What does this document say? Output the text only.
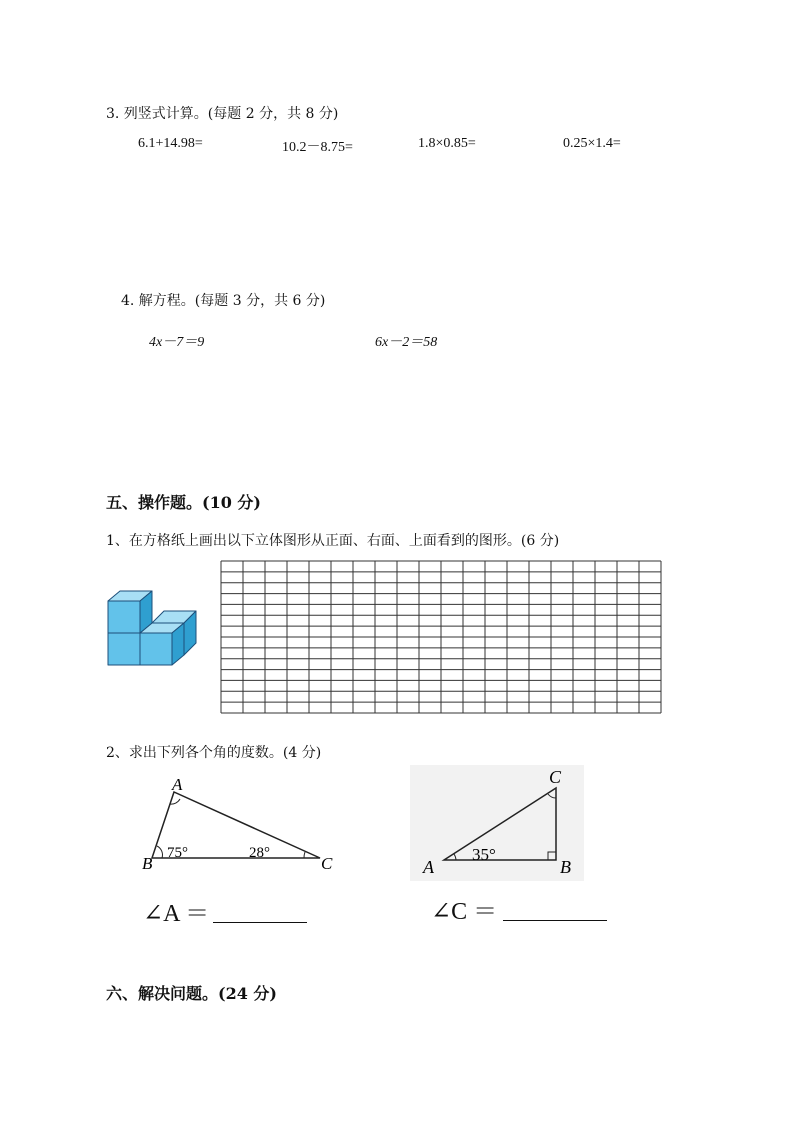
3. 列竖式计算。(每题 2 分，共 8 分)
6.1+14.98=	10.2－8.75=	1.8×0.85=	0.25×1.4=
4. 解方程。(每题 3 分，共 6 分)
4x－7＝9	6x－2＝58
五、操作题。(10 分)
1、在方格纸上画出以下立体图形从正面、右面、上面看到的图形。(6 分)
2、求出下列各个角的度数。(4 分)
A
B	C
75°	28°
A	B
C
35°
∠A ＝	∠C ＝
六、解决问题。(24 分)
